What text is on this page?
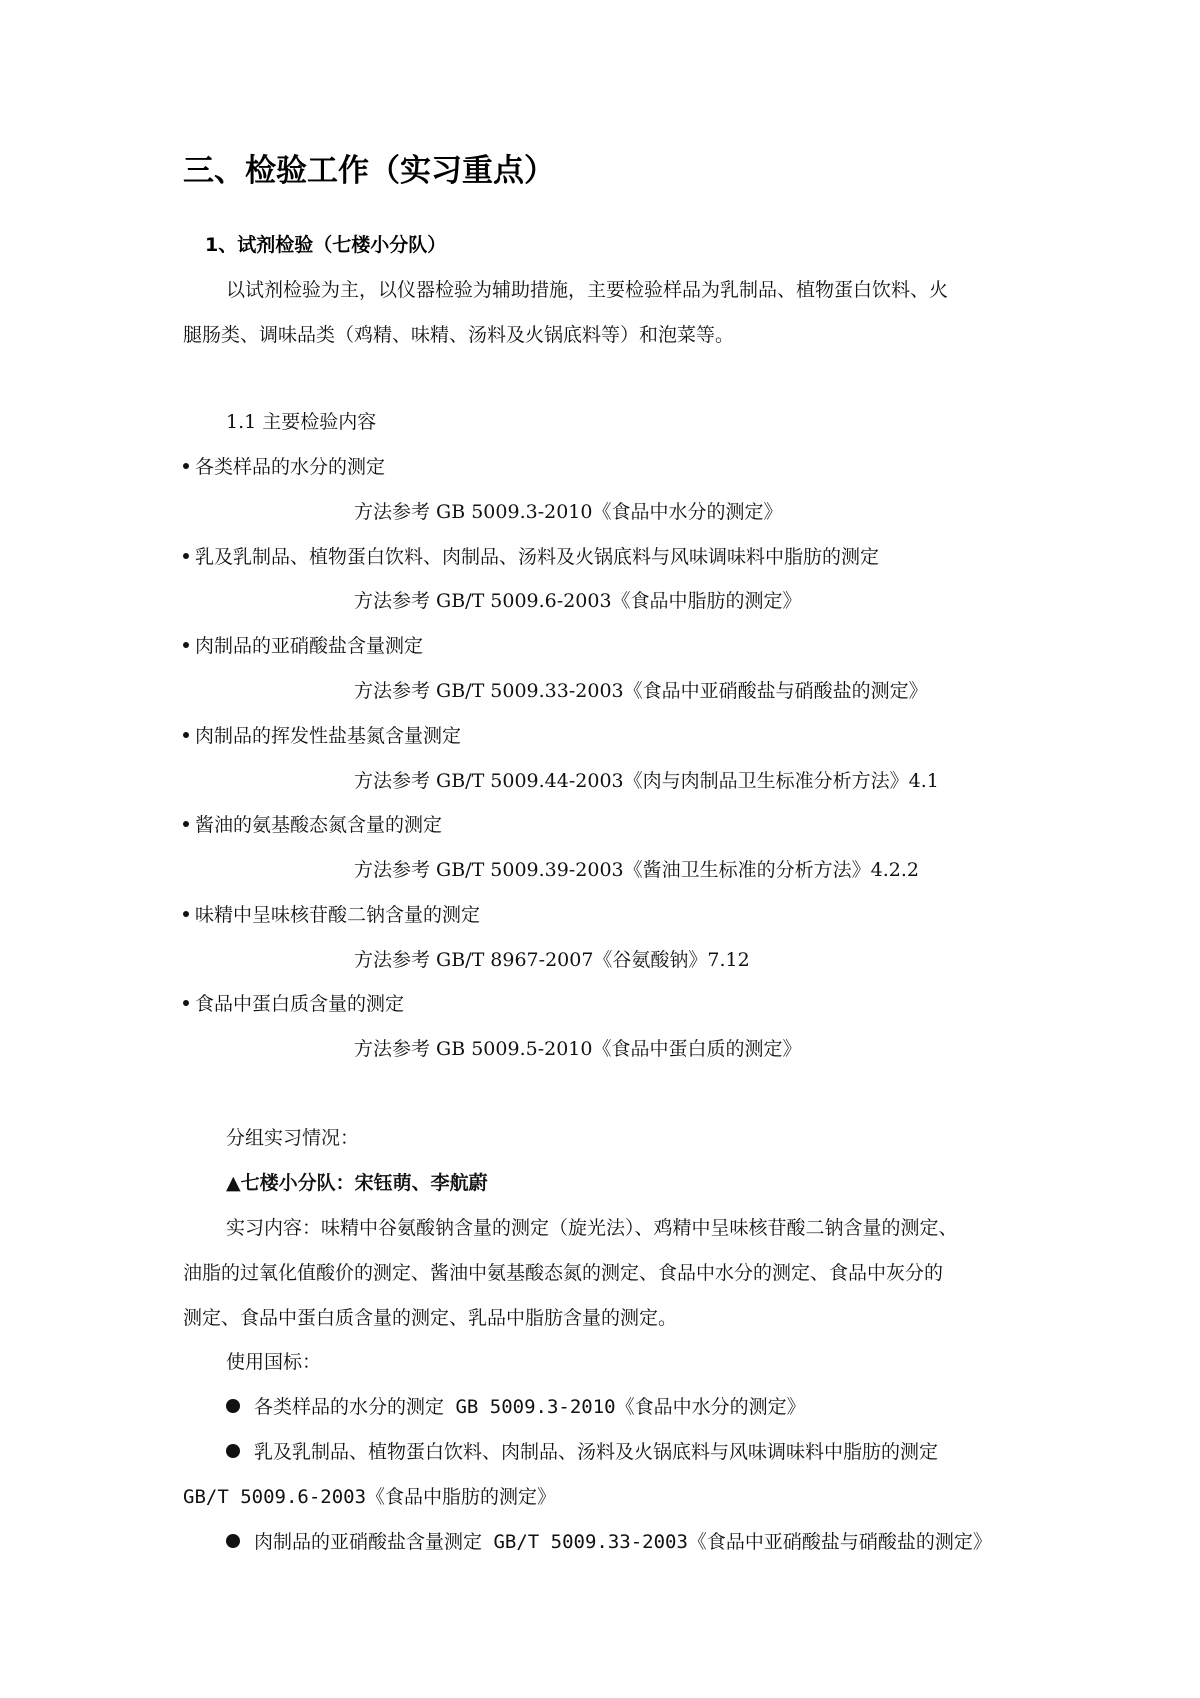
三、检验工作（实习重点）
1、试剂检验（七楼小分队）
以试剂检验为主，以仪器检验为辅助措施，主要检验样品为乳制品、植物蛋白饮料、火
腿肠类、调味品类（鸡精、味精、汤料及火锅底料等）和泡菜等。
1.1 主要检验内容
各类样品的水分的测定
方法参考 GB 5009.3-2010《食品中水分的测定》
乳及乳制品、植物蛋白饮料、肉制品、汤料及火锅底料与风味调味料中脂肪的测定
方法参考 GB/T 5009.6-2003《食品中脂肪的测定》
肉制品的亚硝酸盐含量测定
方法参考 GB/T 5009.33-2003《食品中亚硝酸盐与硝酸盐的测定》
肉制品的挥发性盐基氮含量测定
方法参考 GB/T 5009.44-2003《肉与肉制品卫生标准分析方法》4.1
酱油的氨基酸态氮含量的测定
方法参考 GB/T 5009.39-2003《酱油卫生标准的分析方法》4.2.2
味精中呈味核苷酸二钠含量的测定
方法参考 GB/T 8967-2007《谷氨酸钠》7.12
食品中蛋白质含量的测定
方法参考 GB 5009.5-2010《食品中蛋白质的测定》
分组实习情况：
▲七楼小分队：宋钰萌、李航蔚
实习内容：味精中谷氨酸钠含量的测定（旋光法）、鸡精中呈味核苷酸二钠含量的测定、
油脂的过氧化值酸价的测定、酱油中氨基酸态氮的测定、食品中水分的测定、食品中灰分的
测定、食品中蛋白质含量的测定、乳品中脂肪含量的测定。
使用国标：
各类样品的水分的测定 GB 5009.3-2010《食品中水分的测定》
乳及乳制品、植物蛋白饮料、肉制品、汤料及火锅底料与风味调味料中脂肪的测定
GB/T 5009.6-2003《食品中脂肪的测定》
肉制品的亚硝酸盐含量测定 GB/T 5009.33-2003《食品中亚硝酸盐与硝酸盐的测定》
